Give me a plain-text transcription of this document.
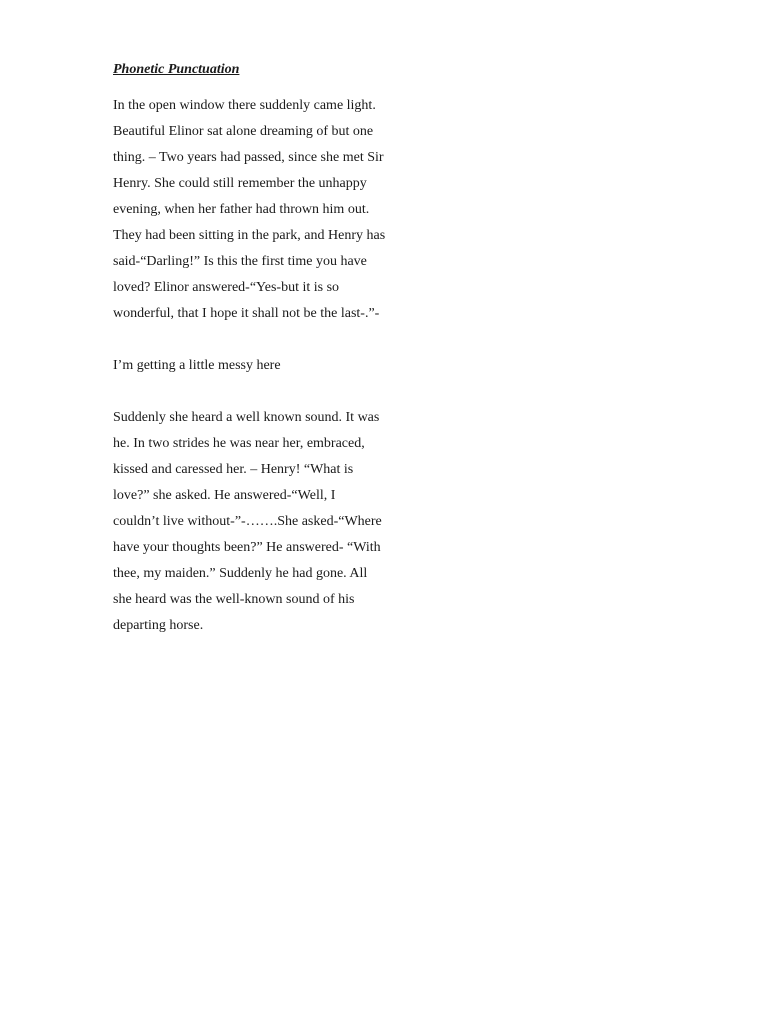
Phonetic Punctuation
In the open window there suddenly came light.
Beautiful Elinor sat alone dreaming of but one
thing. – Two years had passed, since she met Sir
Henry. She could still remember the unhappy
evening, when her father had thrown him out.
They had been sitting in the park, and Henry has
said-“Darling!” Is this the first time you have
loved? Elinor answered-“Yes-but it is so
wonderful, that I hope it shall not be the last-.”-
I’m getting a little messy here
Suddenly she heard a well known sound. It was
he. In two strides he was near her, embraced,
kissed and caressed her. – Henry! “What is
love?” she asked. He answered-“Well, I
couldn’t live without-”-…….She asked-“Where
have your thoughts been?” He answered- “With
thee, my maiden.” Suddenly he had gone. All
she heard was the well-known sound of his
departing horse.
